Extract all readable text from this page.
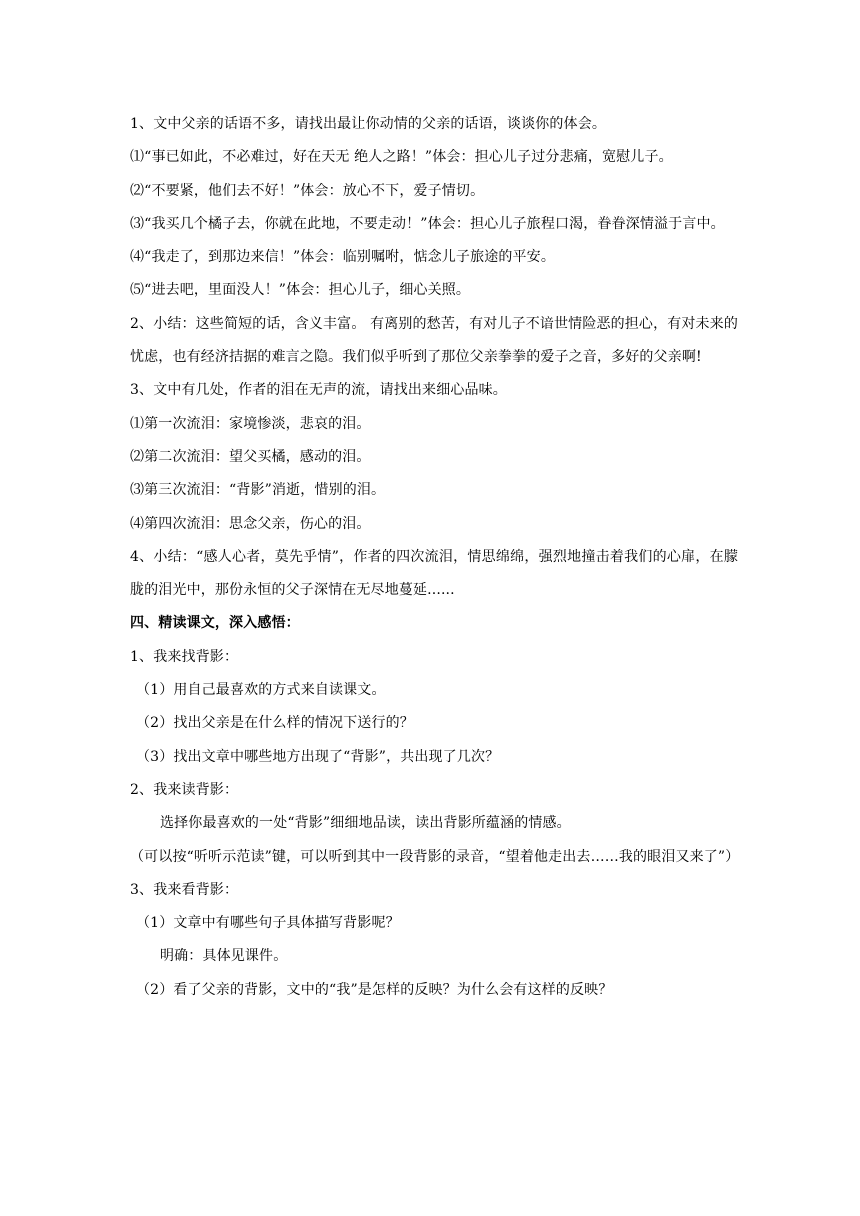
1、文中父亲的话语不多，请找出最让你动情的父亲的话语，谈谈你的体会。

⑴“事已如此，不必难过，好在天无 绝人之路！”体会：担心儿子过分悲痛，宽慰儿子。

⑵“不要紧，他们去不好！”体会：放心不下，爱子情切。

⑶“我买几个橘子去，你就在此地，不要走动！”体会：担心儿子旅程口渴，眷眷深情溢于言中。

⑷“我走了，到那边来信！”体会：临别嘱咐，惦念儿子旅途的平安。

⑸“进去吧，里面没人！”体会：担心儿子，细心关照。

2、小结：这些简短的话，含义丰富。 有离别的愁苦，有对儿子不谙世情险恶的担心，有对未来的忧虑，也有经济拮据的难言之隐。我们似乎听到了那位父亲拳拳的爱子之音，多好的父亲啊!

3、文中有几处，作者的泪在无声的流，请找出来细心品味。

⑴第一次流泪：家境惨淡，悲哀的泪。

⑵第二次流泪：望父买橘，感动的泪。

⑶第三次流泪：“背影”消逝，惜别的泪。

⑷第四次流泪：思念父亲，伤心的泪。

4、小结：“感人心者，莫先乎情”，作者的四次流泪，情思绵绵，强烈地撞击着我们的心扉，在朦胧的泪光中，那份永恒的父子深情在无尽地蔓延......

四、精读课文，深入感悟：

1、我来找背影：

（1）用自己最喜欢的方式来自读课文。

（2）找出父亲是在什么样的情况下送行的？

（3）找出文章中哪些地方出现了“背影”，共出现了几次？

2、我来读背影：

选择你最喜欢的一处“背影”细细地品读，读出背影所蕴涵的情感。

（可以按“听听示范读”键，可以听到其中一段背影的录音，“望着他走出去……我的眼泪又来了”）

3、我来看背影：

（1）文章中有哪些句子具体描写背影呢？

明确：具体见课件。

（2）看了父亲的背影，文中的“我”是怎样的反映？为什么会有这样的反映？
